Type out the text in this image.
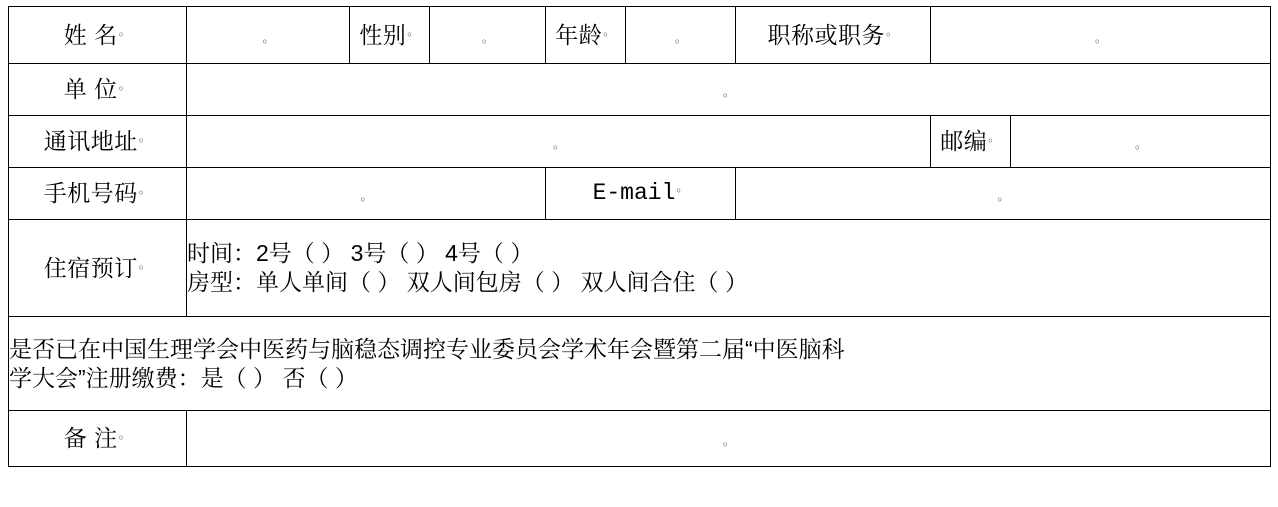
姓 名。	。	性别。	。	年龄。	。	职称或职务。	。	
单 位。	。							
通讯地址。	。						邮编。	。
手机号码。	。			E-mail。		。		
住宿预订。	时间：2号（ ） 3号（ ） 4号（ ）
房型：单人单间（ ） 双人间包房（ ） 双人间合住（ ）							

是否已在中国生理学会中医药与脑稳态调控专业委员会学术年会暨第二届“中医脑科
学大会”注册缴费：是（ ） 否（ ）								

备 注。	。							
